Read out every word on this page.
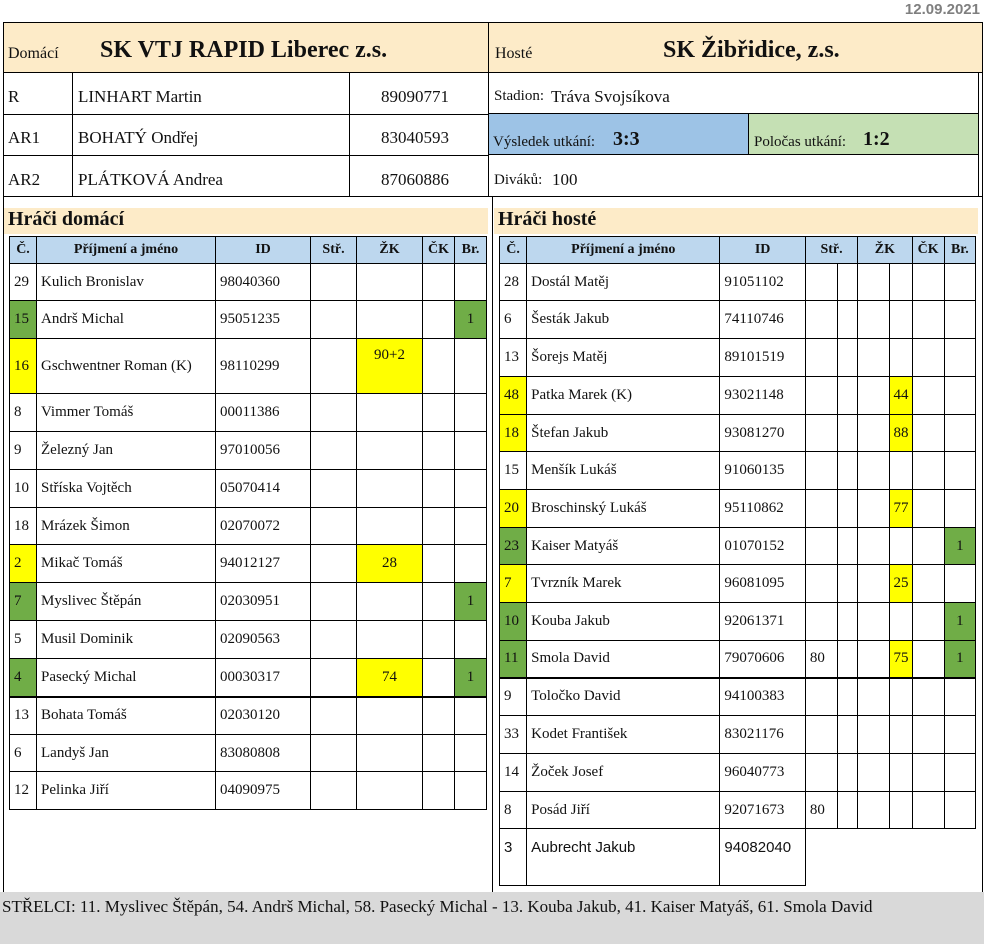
12.09.2021
Domácí SK VTJ RAPID Liberec z.s.	Hosté	SK Žibřidice, z.s.
R	LINHART Martin	89090771
AR1 BOHATÝ Ondřej	83040593
AR2 PLÁTKOVÁ Andrea	87060886
Stadion: Tráva Svojsíkova
Výsledek utkání: 3:3	Poločas utkání: 1:2
Diváků: 100
Hráči domácí	Hráči hosté
Č.	Příjmení a jméno	ID	Stř.	ŽK	ČK	Br.
29	Kulich Bronislav	98040360				
15	Andrš Michal	95051235				1
16	Gschwentner Roman (K)	98110299		90+2		
8	Vimmer Tomáš	00011386				
9	Železný Jan	97010056				
10	Stříska Vojtěch	05070414				
18	Mrázek Šimon	02070072				
2	Mikač Tomáš	94012127		28		
7	Myslivec Štěpán	02030951				1
5	Musil Dominik	02090563				
4	Pasecký Michal	00030317		74		1
13	Bohata Tomáš	02030120				
6	Landyš Jan	83080808				
12	Pelinka Jiří	04090975				
Č.	Příjmení a jméno	ID	Stř.		ŽK		ČK	Br.
28	Dostál Matěj	91051102						
6	Šesták Jakub	74110746						
13	Šorejs Matěj	89101519						
48	Patka Marek (K)	93021148				44		
18	Štefan Jakub	93081270				88		
15	Menšík Lukáš	91060135						
20	Broschinský Lukáš	95110862				77		
23	Kaiser Matyáš	01070152						1
7	Tvrzník Marek	96081095				25		
10	Kouba Jakub	92061371						1
11	Smola David	79070606	80			75		1
9	Toločko David	94100383						
33	Kodet František	83021176						
14	Žoček Josef	96040773						
8	Posád Jiří	92071673	80					
3	Aubrecht Jakub	94082040						
STŘELCI: 11. Myslivec Štěpán, 54. Andrš Michal, 58. Pasecký Michal - 13. Kouba Jakub, 41. Kaiser Matyáš, 61. Smola David
